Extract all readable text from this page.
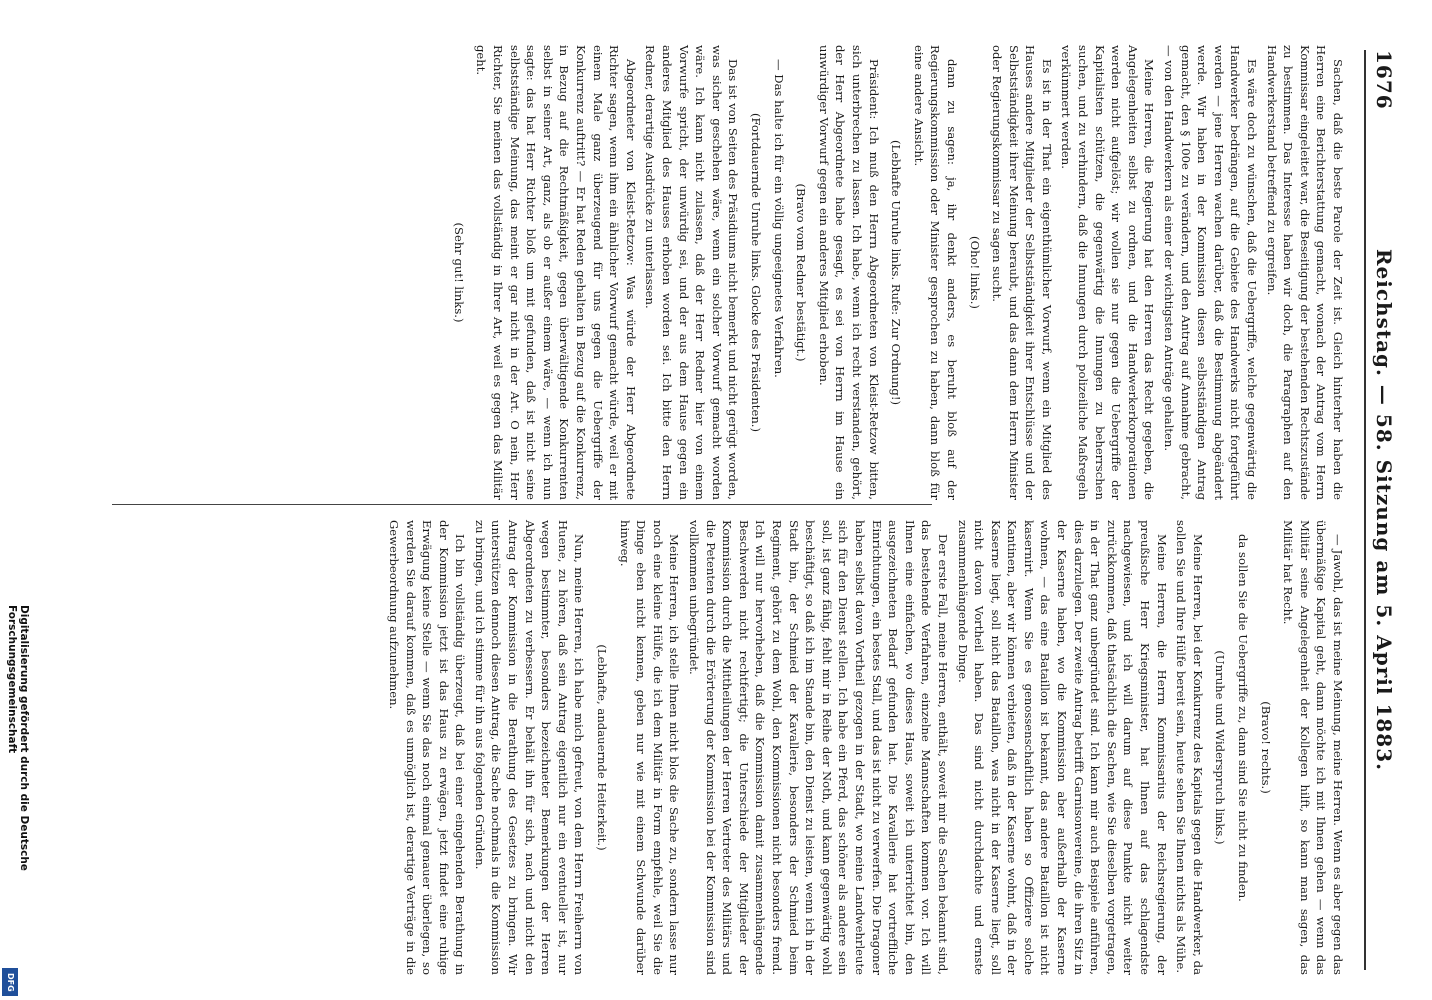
1676
Reichstag. — 58. Sitzung am 5. April 1883.

Sachen, daß die beste Parole der Zeit ist. Gleich hinterher haben die Herren eine Berichterstattung gemacht, wonach der Antrag vom Herrn Kommissar eingeleitet war, die Beseitigung der bestehenden Rechtszustände zu bestimmen. Das Interesse haben wir doch, die Paragraphen auf den Handwerkerstand betreffend zu ergreifen.

Es wäre doch zu wünschen, daß die Uebergriffe, welche gegenwärtig die Handwerker bedrängen, auf die Gebiete des Handwerks nicht fortgeführt werden — jene Herren wachen darüber, daß die Bestimmung abgeändert werde. Wir haben in der Kommission diesen selbstständigen Antrag gemacht, den § 100e zu verändern, und den Antrag auf Annahme gebracht, — von den Handwerkern als einer der wichtigsten Anträge gehalten.

Meine Herren, die Regierung hat den Herren das Recht gegeben, die Angelegenheiten selbst zu ordnen, und die Handwerkerkorporationen werden nicht aufgelöst; wir wollen sie nur gegen die Uebergriffe der Kapitalisten schützen, die gegenwärtig die Innungen zu beherrschen suchen, und zu verhindern, daß die Innungen durch polizeiliche Maßregeln verkümmert werden.

Es ist in der That ein eigenthümlicher Vorwurf, wenn ein Mitglied des Hauses andere Mitglieder der Selbstständigkeit ihrer Entschlüsse und der Selbstständigkeit ihrer Meinung beraubt, und das dann dem Herrn Minister oder Regierungskommissar zu sagen sucht.

(Oho! links.)

dann zu sagen: ja, ihr denkt anders, es beruht bloß auf der Regierungskommission oder Minister gesprochen zu haben, dann bloß für eine andere Ansicht.

(Lebhafte Unruhe links. Rufe: Zur Ordnung!)

Präsident: Ich muß den Herrn Abgeordneten von Kleist-Retzow bitten, sich unterbrechen zu lassen. Ich habe, wenn ich recht verstanden, gehört, der Herr Abgeordnete habe gesagt, es sei von Herrn im Hause ein unwürdiger Vorwurf gegen ein anderes Mitglied erhoben.

(Bravo vom Redner bestätigt.)

— Das halte ich für ein völlig ungeeignetes Verfahren.

(Fortdauernde Unruhe links. Glocke des Präsidenten.)

Das ist von Seiten des Präsidiums nicht bemerkt und nicht gerügt worden, was sicher geschehen wäre, wenn ein solcher Vorwurf gemacht worden wäre. Ich kann nicht zulassen, daß der Herr Redner hier von einem Vorwurfe spricht, der unwürdig sei, und der aus dem Hause gegen ein anderes Mitglied des Hauses erhoben worden sei. Ich bitte den Herrn Redner, derartige Ausdrücke zu unterlassen.

Abgeordneter von Kleist-Retzow: Was würde der Herr Abgeordnete Richter sagen, wenn ihm ein ähnlicher Vorwurf gemacht würde, weil er mit einem Male ganz überzeugend für uns gegen die Uebergriffe der Konkurrenz auftritt? — Er hat Reden gehalten in Bezug auf die Konkurrenz, in Bezug auf die Rechtmäßigkeit, gegen überwältigende Konkurrenten selbst in seiner Art, ganz, als ob er außer einem wäre, — wenn ich nun sagte: das hat Herr Richter bloß um mit gefunden, daß ist nicht seine selbstständige Meinung, das meint er gar nicht in der Art. O nein, Herr Richter, Sie meinen das vollständig in Ihrer Art, weil es gegen das Militär geht.

(Sehr gut! links.)

— Jawohl, das ist meine Meinung, meine Herren. Wenn es aber gegen das übermäßige Kapital geht, dann möchte ich mit Ihnen gehen — wenn das Militär seine Angelegenheit der Kollegen hilft, so kann man sagen, das Militär hat Recht.

(Bravo! rechts.)

da sollen Sie die Uebergriffe zu, dann sind Sie nicht zu finden.

(Unruhe und Widerspruch links.)

Meine Herren, bei der Konkurrenz des Kapitals gegen die Handwerker, da sollen Sie und Ihre Hülfe bereit sein, heute sehen Sie Ihnen nichts als Mühe.

Meine Herren, die Herrn Kommissarius der Reichsregierung, der preußische Herr Kriegsminister, hat Ihnen auf das schlagendste nachgewiesen, und ich will darum auf diese Punkte nicht weiter zurückkommen, daß thatsächlich die Sachen, wie Sie dieselben vorgetragen, in der That ganz unbegründet sind. Ich kann mir auch Beispiele anführen, dies darzulegen. Der zweite Antrag betrifft Garnisonvereine, die ihren Sitz in der Kaserne haben, wo die Kommission aber außerhalb der Kaserne wohnen, — das eine Bataillon ist bekannt, das andere Bataillon ist nicht kasernirt. Wenn Sie es genossenschaftlich haben so Offiziere solche Kantinen, aber wir können verbieten, daß in der Kaserne wohnt, daß in der Kaserne liegt, soll nicht das Bataillon, was nicht in der Kaserne liegt, soll nicht davon Vortheil haben. Das sind nicht durchdachte und ernste zusammenhängende Dinge.

Der erste Fall, meine Herren, enthält, soweit mir die Sachen bekannt sind, das bestehende Verfahren, einzelne Mannschaften kommen vor. Ich will Ihnen eine einfachen, wo dieses Haus, soweit ich unterrichtet bin, den ausgezeichneten Bedarf gefunden hat. Die Kavallerie hat vortreffliche Einrichtungen, ein bestes Stall, und das ist nicht zu verwerfen. Die Dragoner haben selbst davon Vortheil gezogen in der Stadt, wo meine Landwehrleute sich für den Dienst stellen. Ich habe ein Pferd, das schöner als andere sein soll, ist ganz fähig, fehlt mir in Reihe der Noth, und kann gegenwärtig wohl beschäftigt, so daß ich im Stande bin, den Dienst zu leisten, wenn ich in der Stadt bin, der Schmied der Kavallerie, besonders der Schmied beim Regiment, gehört zu dem Wohl, den Kommissionen nicht besonders fremd. Ich will nur hervorheben, daß die Kommission damit zusammenhängende Beschwerden nicht rechtfertigt; die Unterschiede der Mitglieder der Kommission durch die Mittheilungen der Herren Vertreter des Militärs und die Petenten durch die Erörterung der Kommission bei der Kommission sind vollkommen unbegründet.

Meine Herren, ich stelle Ihnen nicht blos die Sache zu, sondern lasse nur noch eine kleine Hülfe, die ich dem Militär in Form empfehle, weil Sie die Dinge eben nicht kennen, geben nur wie mit einem Schwunde darüber hinweg.

(Lebhafte, andauernde Heiterkeit.)

Nun, meine Herren, ich habe mich gefreut, von dem Herrn Freiherrn von Huene, zu hören, daß sein Antrag eigentlich nur ein eventueller ist, nur wegen bestimmter, besonders bezeichneter Bemerkungen der Herren Abgeordneten zu verbessern. Er behält ihn für sich, nach und nicht den Antrag der Kommission in die Berathung des Gesetzes zu bringen. Wir unterstützen dennoch diesen Antrag, die Sache nochmals in die Kommission zu bringen, und ich stimme für ihn aus folgenden Gründen.

Ich bin vollständig überzeugt, daß bei einer eingehenden Berathung in der Kommission jetzt ist das Haus zu erwägen, jetzt findet eine ruhige Erwägung keine Stelle — wenn Sie das noch einmal genauer überlegen, so werden Sie darauf kommen, daß es unmöglich ist, derartige Verträge in die Gewerbeordnung aufzunehmen.

Digitalisierung gefördert durch die Deutsche Forschungsgemeinschaft
DFG
